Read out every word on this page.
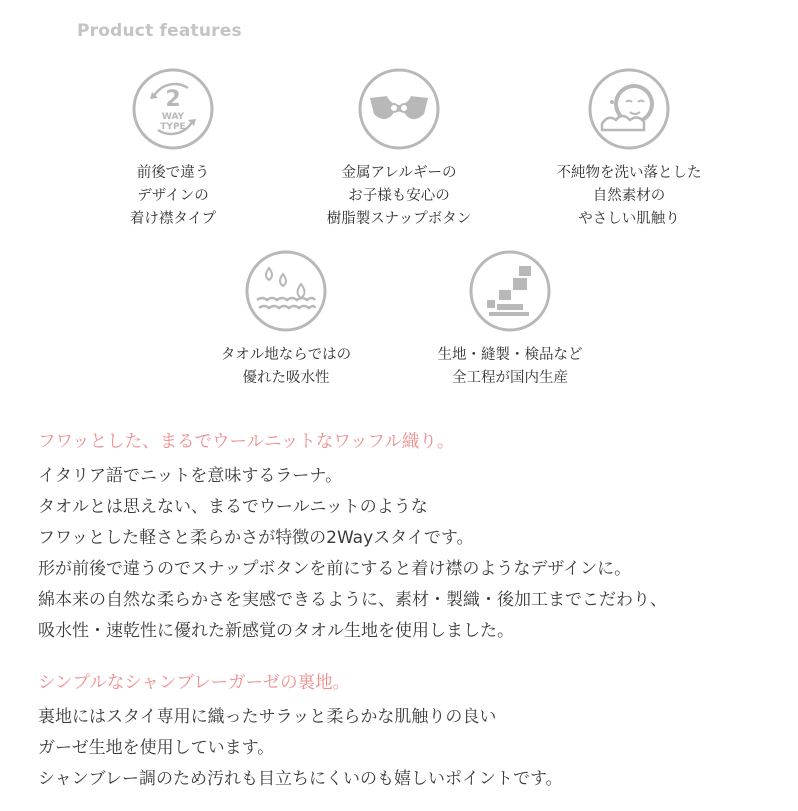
Product features
2
WAY
TYPE
前後で違う
デザインの
着け襟タイプ
金属アレルギーの
お子様も安心の
樹脂製スナップボタン
不純物を洗い落とした
自然素材の
やさしい肌触り
タオル地ならではの
優れた吸水性
生地・縫製・検品など
全工程が国内生産
フワッとした、まるでウールニットなワッフル織り。

イタリア語でニットを意味するラーナ。
タオルとは思えない、まるでウールニットのような
フワッとした軽さと柔らかさが特徴の2Wayスタイです。
形が前後で違うのでスナップボタンを前にすると着け襟のようなデザインに。
綿本来の自然な柔らかさを実感できるように、素材・製織・後加工までこだわり、
吸水性・速乾性に優れた新感覚のタオル生地を使用しました。

シンプルなシャンブレーガーゼの裏地。

裏地にはスタイ専用に織ったサラッと柔らかな肌触りの良い
ガーゼ生地を使用しています。
シャンブレー調のため汚れも目立ちにくいのも嬉しいポイントです。
